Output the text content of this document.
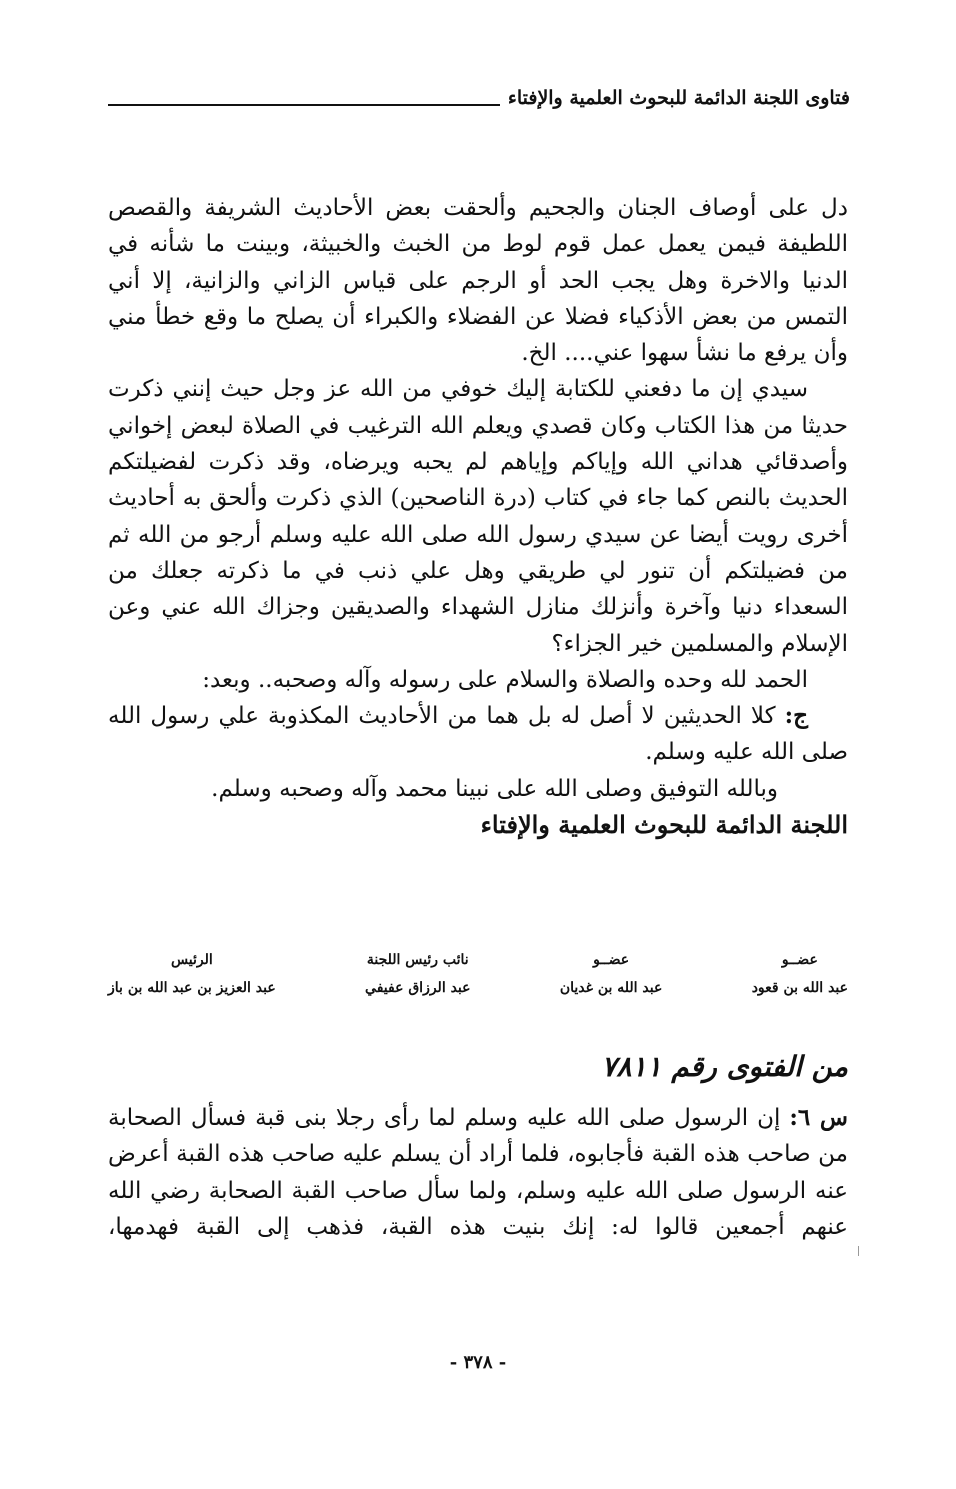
فتاوى اللجنة الدائمة للبحوث العلمية والإفتاء

دل على أوصاف الجنان والجحيم وألحقت بعض الأحاديث الشريفة والقصص اللطيفة فيمن يعمل عمل قوم لوط من الخبث والخبيثة، وبينت ما شأنه في الدنيا والاخرة وهل يجب الحد أو الرجم على قياس الزاني والزانية، إلا أني التمس من بعض الأذكياء فضلا عن الفضلاء والكبراء أن يصلح ما وقع خطأ مني وأن يرفع ما نشأ سهوا عني.... الخ.

سيدي إن ما دفعني للكتابة إليك خوفي من الله عز وجل حيث إنني ذكرت حديثا من هذا الكتاب وكان قصدي ويعلم الله الترغيب في الصلاة لبعض إخواني وأصدقائي هداني الله وإياكم وإياهم لم يحبه ويرضاه، وقد ذكرت لفضيلتكم الحديث بالنص كما جاء في كتاب (درة الناصحين) الذي ذكرت وألحق به أحاديث أخرى رويت أيضا عن سيدي رسول الله صلى الله عليه وسلم أرجو من الله ثم من فضيلتكم أن تنور لي طريقي وهل علي ذنب في ما ذكرته جعلك من السعداء دنيا وآخرة وأنزلك منازل الشهداء والصديقين وجزاك الله عني وعن الإسلام والمسلمين خير الجزاء؟

الحمد لله وحده والصلاة والسلام على رسوله وآله وصحبه.. وبعد:

ج: كلا الحديثين لا أصل له بل هما من الأحاديث المكذوبة علي رسول الله صلى الله عليه وسلم.

وبالله التوفيق وصلى الله على نبينا محمد وآله وصحبه وسلم.

اللجنة الدائمة للبحوث العلمية والإفتاء

عضــو
عبد الله بن قعود
عضــو
عبد الله بن غديان
نائب رئيس اللجنة
عبد الرزاق عفيفي
الرئيس
عبد العزيز بن عبد الله بن باز
من الفتوى رقم ٧٨١١

س ٦: إن الرسول صلى الله عليه وسلم لما رأى رجلا بنى قبة فسأل الصحابة من صاحب هذه القبة فأجابوه، فلما أراد أن يسلم عليه صاحب هذه القبة أعرض عنه الرسول صلى الله عليه وسلم، ولما سأل صاحب القبة الصحابة رضي الله عنهم أجمعين قالوا له: إنك بنيت هذه القبة، فذهب إلى القبة فهدمها،

- ٣٧٨ -
